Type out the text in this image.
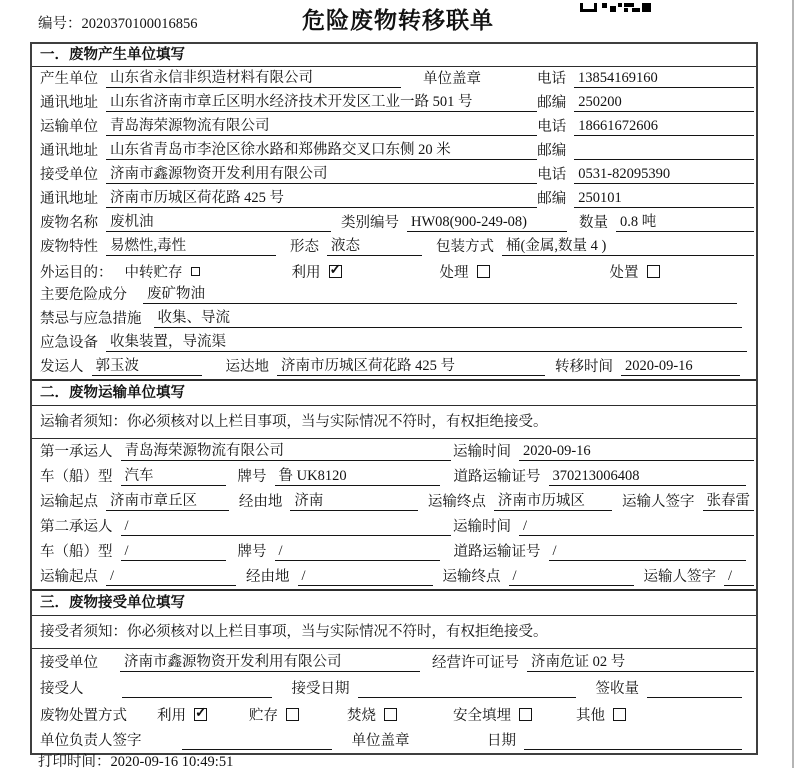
危险废物转移联单
编号：2020370100016856
一．废物产生单位填写
产生单位 山东省永信非织造材料有限公司	单位盖章	电话 13854169160
通讯地址 山东省济南市章丘区明水经济技术开发区工业一路 501 号	邮编 250200
运输单位 青岛海荣源物流有限公司	电话 18661672606
通讯地址 山东省青岛市李沧区徐水路和郑佛路交叉口东侧 20 米	邮编
接受单位 济南市鑫源物资开发利用有限公司	电话 0531-82095390
通讯地址 济南市历城区荷花路 425 号	邮编 250101
废物名称 废机油	类别编号 HW08(900-249-08)	数量 0.8 吨
废物特性 易燃性,毒性	形态 液态	包装方式 桶(金属,数量 4 )
外运目的： 中转贮存	利用 ✓	处理	处置
主要危险成分 废矿物油
禁忌与应急措施 收集、导流
应急设备 收集装置，导流渠
发运人 郭玉波	运达地 济南市历城区荷花路 425 号	转移时间 2020-09-16
二．废物运输单位填写
运输者须知：你必须核对以上栏目事项，当与实际情况不符时，有权拒绝接受。
第一承运人 青岛海荣源物流有限公司	运输时间 2020-09-16
车（船）型 汽车	牌号 鲁 UK8120	道路运输证号 370213006408
运输起点 济南市章丘区	经由地 济南	运输终点 济南市历城区	运输人签字 张春雷
第二承运人 /	运输时间 /
车（船）型 /	牌号 /	道路运输证号 /
运输起点 /	经由地 /	运输终点 /	运输人签字 /
三．废物接受单位填写
接受者须知：你必须核对以上栏目事项，当与实际情况不符时，有权拒绝接受。
接受单位 济南市鑫源物资开发利用有限公司	经营许可证号 济南危证 02 号
接受人	接受日期	签收量
废物处置方式 利用 ✓	贮存	焚烧	安全填埋	其他
单位负责人签字	单位盖章	日期
打印时间：2020-09-16 10:49:51
